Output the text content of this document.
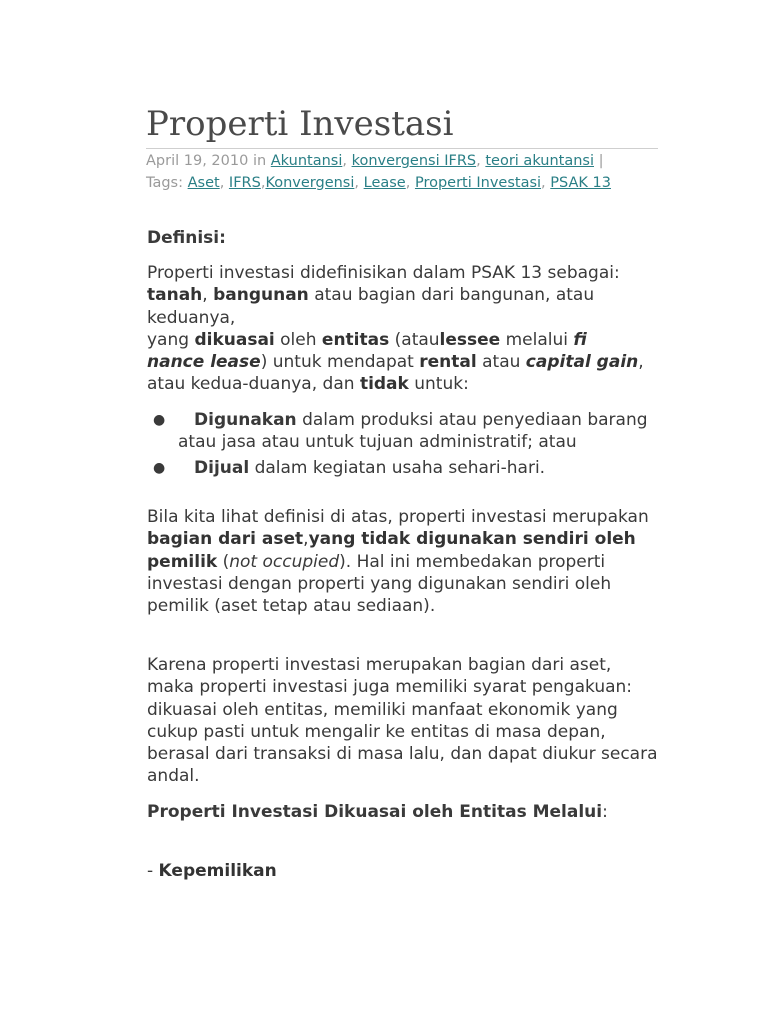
Properti Investasi
April 19, 2010 in Akuntansi, konvergensi IFRS, teori akuntansi |
Tags: Aset, IFRS,Konvergensi, Lease, Properti Investasi, PSAK 13

Definisi:

Properti investasi didefinisikan dalam PSAK 13 sebagai: tanah, bangunan atau bagian dari bangunan, atau keduanya,
yang dikuasai oleh entitas (ataulessee melalui fi
nance lease) untuk mendapat rental atau capital gain, atau kedua-duanya, dan tidak untuk:

● Digunakan dalam produksi atau penyediaan barang atau jasa atau untuk tujuan administratif; atau
● Dijual dalam kegiatan usaha sehari-hari.

Bila kita lihat definisi di atas, properti investasi merupakan bagian dari aset,yang tidak digunakan sendiri oleh pemilik (not occupied). Hal ini membedakan properti investasi dengan properti yang digunakan sendiri oleh pemilik (aset tetap atau sediaan).

Karena properti investasi merupakan bagian dari aset, maka properti investasi juga memiliki syarat pengakuan: dikuasai oleh entitas, memiliki manfaat ekonomik yang cukup pasti untuk mengalir ke entitas di masa depan, berasal dari transaksi di masa lalu, dan dapat diukur secara andal.

Properti Investasi Dikuasai oleh Entitas Melalui:

- Kepemilikan
